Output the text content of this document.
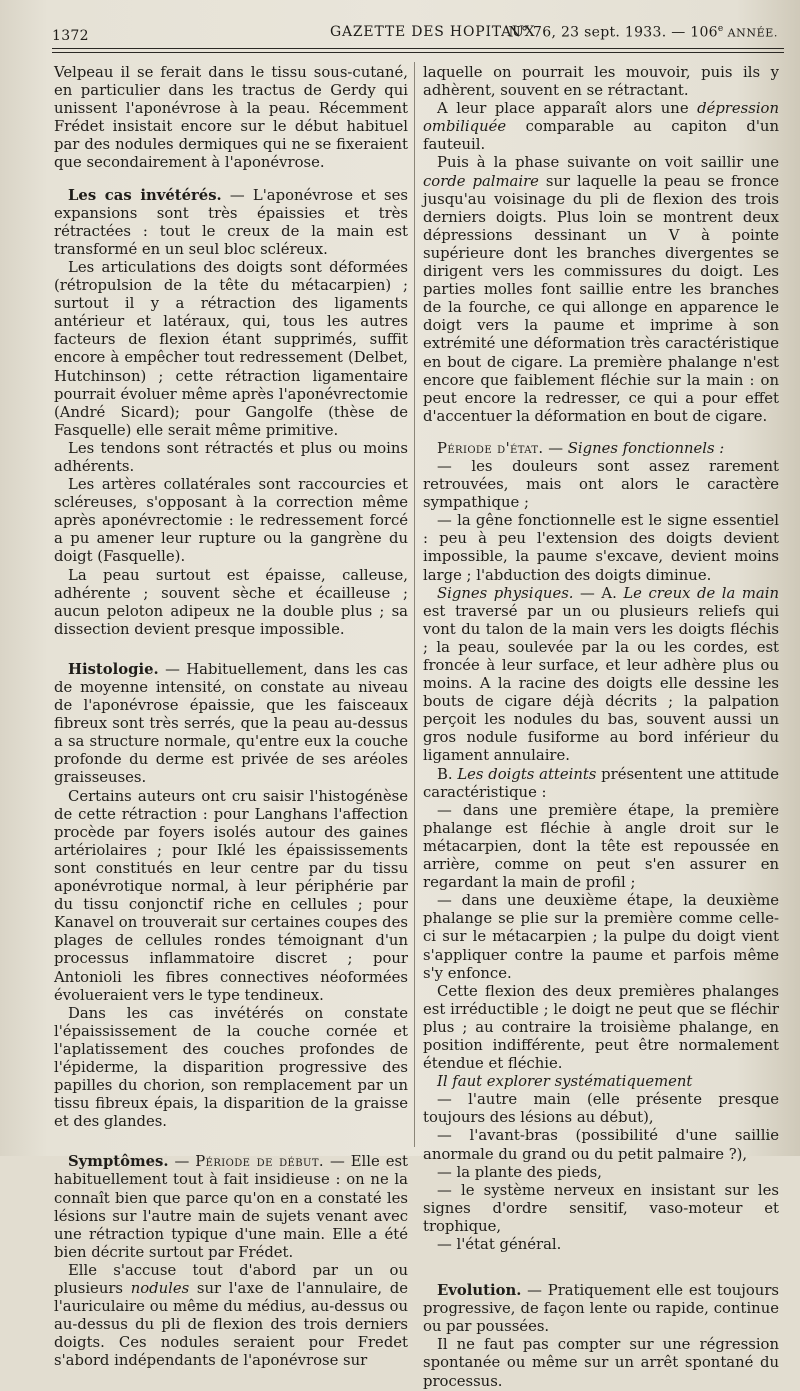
1372	GAZETTE DES HOPITAUX
N° 76, 23 sept. 1933. — 106e ANNÉE.

Velpeau il se ferait dans le tissu sous-cutané, en particulier dans les tractus de Gerdy qui unissent l'aponévrose à la peau. Récemment Frédet insistait encore sur le début habituel par des nodules dermiques qui ne se fixeraient que secondairement à l'aponévrose.

Les cas invétérés. — L'aponévrose et ses expansions sont très épaissies et très rétractées : tout le creux de la main est transformé en un seul bloc scléreux.

Les articulations des doigts sont déformées (rétropulsion de la tête du métacarpien) ; surtout il y a rétraction des ligaments antérieur et latéraux, qui, tous les autres facteurs de flexion étant supprimés, suffit encore à empêcher tout redressement (Delbet, Hutchinson) ; cette rétraction ligamentaire pourrait évoluer même après l'aponévrectomie (André Sicard); pour Gangolfe (thèse de Fasquelle) elle serait même primitive.

Les tendons sont rétractés et plus ou moins adhérents.

Les artères collatérales sont raccourcies et scléreuses, s'opposant à la correction même après aponévrectomie : le redressement forcé a pu amener leur rupture ou la gangrène du doigt (Fasquelle).

La peau surtout est épaisse, calleuse, adhérente ; souvent sèche et écailleuse ; aucun peloton adipeux ne la double plus ; sa dissection devient presque impossible.

Histologie. — Habituellement, dans les cas de moyenne intensité, on constate au niveau de l'aponévrose épaissie, que les faisceaux fibreux sont très serrés, que la peau au-dessus a sa structure normale, qu'entre eux la couche profonde du derme est privée de ses aréoles graisseuses.

Certains auteurs ont cru saisir l'histogénèse de cette rétraction : pour Langhans l'affection procède par foyers isolés autour des gaines artériolaires ; pour Iklé les épaississements sont constitués en leur centre par du tissu aponévrotique normal, à leur périphérie par du tissu conjonctif riche en cellules ; pour Kanavel on trouverait sur certaines coupes des plages de cellules rondes témoignant d'un processus inflammatoire discret ; pour Antonioli les fibres connectives néoformées évolueraient vers le type tendineux.

Dans les cas invétérés on constate l'épaississement de la couche cornée et l'aplatissement des couches profondes de l'épiderme, la disparition progressive des papilles du chorion, son remplacement par un tissu fibreux épais, la disparition de la graisse et des glandes.

Symptômes. — Période de début. — Elle est habituellement tout à fait insidieuse : on ne la connaît bien que parce qu'on en a constaté les lésions sur l'autre main de sujets venant avec une rétraction typique d'une main. Elle a été bien décrite surtout par Frédet.

Elle s'accuse tout d'abord par un ou plusieurs nodules sur l'axe de l'annulaire, de l'auriculaire ou même du médius, au-dessus ou au-dessus du pli de flexion des trois derniers doigts. Ces nodules seraient pour Fredet s'abord indépendants de l'aponévrose sur

laquelle on pourrait les mouvoir, puis ils y adhèrent, souvent en se rétractant.

A leur place apparaît alors une dépression ombiliquée comparable au capiton d'un fauteuil.

Puis à la phase suivante on voit saillir une corde palmaire sur laquelle la peau se fronce jusqu'au voisinage du pli de flexion des trois derniers doigts. Plus loin se montrent deux dépressions dessinant un V à pointe supérieure dont les branches divergentes se dirigent vers les commissures du doigt. Les parties molles font saillie entre les branches de la fourche, ce qui allonge en apparence le doigt vers la paume et imprime à son extrémité une déformation très caractéristique en bout de cigare. La première phalange n'est encore que faiblement fléchie sur la main : on peut encore la redresser, ce qui a pour effet d'accentuer la déformation en bout de cigare.

Période d'état. — Signes fonctionnels :

— les douleurs sont assez rarement retrouvées, mais ont alors le caractère sympathique ;

— la gêne fonctionnelle est le signe essentiel : peu à peu l'extension des doigts devient impossible, la paume s'excave, devient moins large ; l'abduction des doigts diminue.

Signes physiques. — A. Le creux de la main est traversé par un ou plusieurs reliefs qui vont du talon de la main vers les doigts fléchis ; la peau, soulevée par la ou les cordes, est froncée à leur surface, et leur adhère plus ou moins. A la racine des doigts elle dessine les bouts de cigare déjà décrits ; la palpation perçoit les nodules du bas, souvent aussi un gros nodule fusiforme au bord inférieur du ligament annulaire.

B. Les doigts atteints présentent une attitude caractéristique :

— dans une première étape, la première phalange est fléchie à angle droit sur le métacarpien, dont la tête est repoussée en arrière, comme on peut s'en assurer en regardant la main de profil ;

— dans une deuxième étape, la deuxième phalange se plie sur la première comme celle-ci sur le métacarpien ; la pulpe du doigt vient s'appliquer contre la paume et parfois même s'y enfonce.

Cette flexion des deux premières phalanges est irréductible ; le doigt ne peut que se fléchir plus ; au contraire la troisième phalange, en position indifférente, peut être normalement étendue et fléchie.

Il faut explorer systématiquement

— l'autre main (elle présente presque toujours des lésions au début),

— l'avant-bras (possibilité d'une saillie anormale du grand ou du petit palmaire ?),

— la plante des pieds,

— le système nerveux en insistant sur les signes d'ordre sensitif, vaso-moteur et trophique,

— l'état général.

Evolution. — Pratiquement elle est toujours progressive, de façon lente ou rapide, continue ou par poussées.

Il ne faut pas compter sur une régression spontanée ou même sur un arrêt spontané du processus.
